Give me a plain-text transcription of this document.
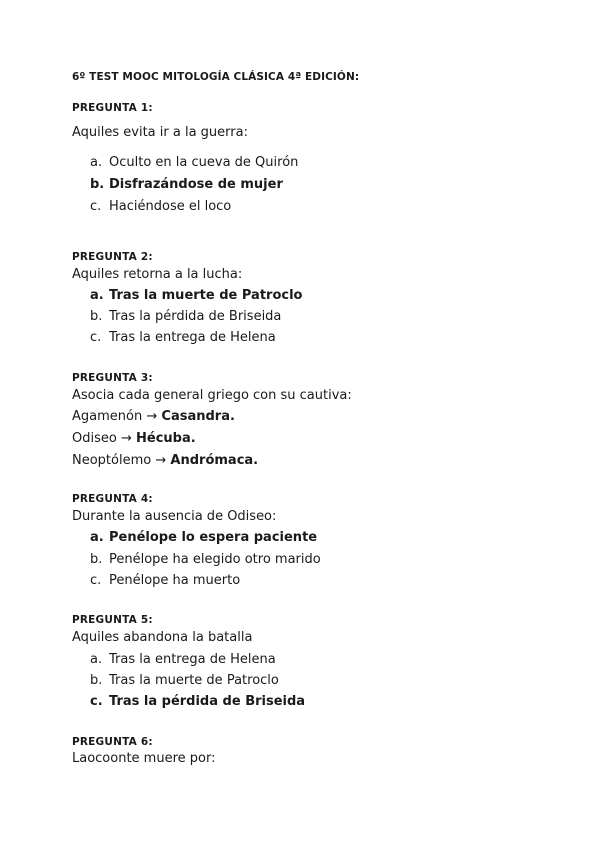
6º TEST MOOC MITOLOGÍA CLÁSICA 4ª EDICIÓN:
PREGUNTA 1:
Aquiles evita ir a la guerra:
a. Oculto en la cueva de Quirón
b. Disfrazándose de mujer
c. Haciéndose el loco
PREGUNTA 2:
Aquiles retorna a la lucha:
a. Tras la muerte de Patroclo
b. Tras la pérdida de Briseida
c. Tras la entrega de Helena
PREGUNTA 3:
Asocia cada general griego con su cautiva:
Agamenón → Casandra.
Odiseo → Hécuba.
Neoptólemo → Andrómaca.
PREGUNTA 4:
Durante la ausencia de Odiseo:
a. Penélope lo espera paciente
b. Penélope ha elegido otro marido
c. Penélope ha muerto
PREGUNTA 5:
Aquiles abandona la batalla
a. Tras la entrega de Helena
b. Tras la muerte de Patroclo
c. Tras la pérdida de Briseida
PREGUNTA 6:
Laocoonte muere por:
